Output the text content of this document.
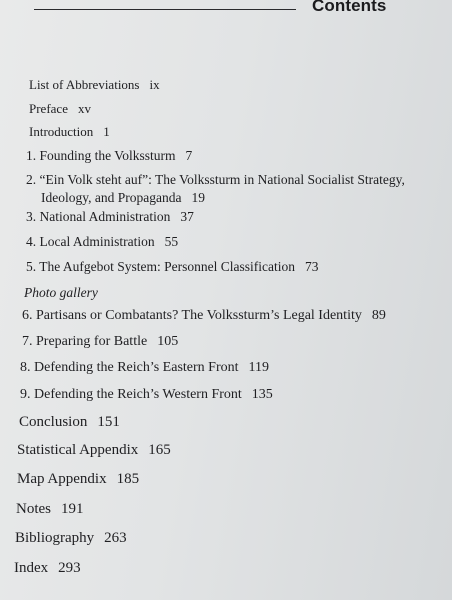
Contents
List of Abbreviations ix
Preface xv
Introduction 1
1. Founding the Volkssturm 7
2. “Ein Volk steht auf”: The Volkssturm in National Socialist Strategy,
Ideology, and Propaganda 19
3. National Administration 37
4. Local Administration 55
5. The Aufgebot System: Personnel Classification 73
Photo gallery
6. Partisans or Combatants? The Volkssturm’s Legal Identity 89
7. Preparing for Battle 105
8. Defending the Reich’s Eastern Front 119
9. Defending the Reich’s Western Front 135
Conclusion 151
Statistical Appendix 165
Map Appendix 185
Notes 191
Bibliography 263
Index 293
